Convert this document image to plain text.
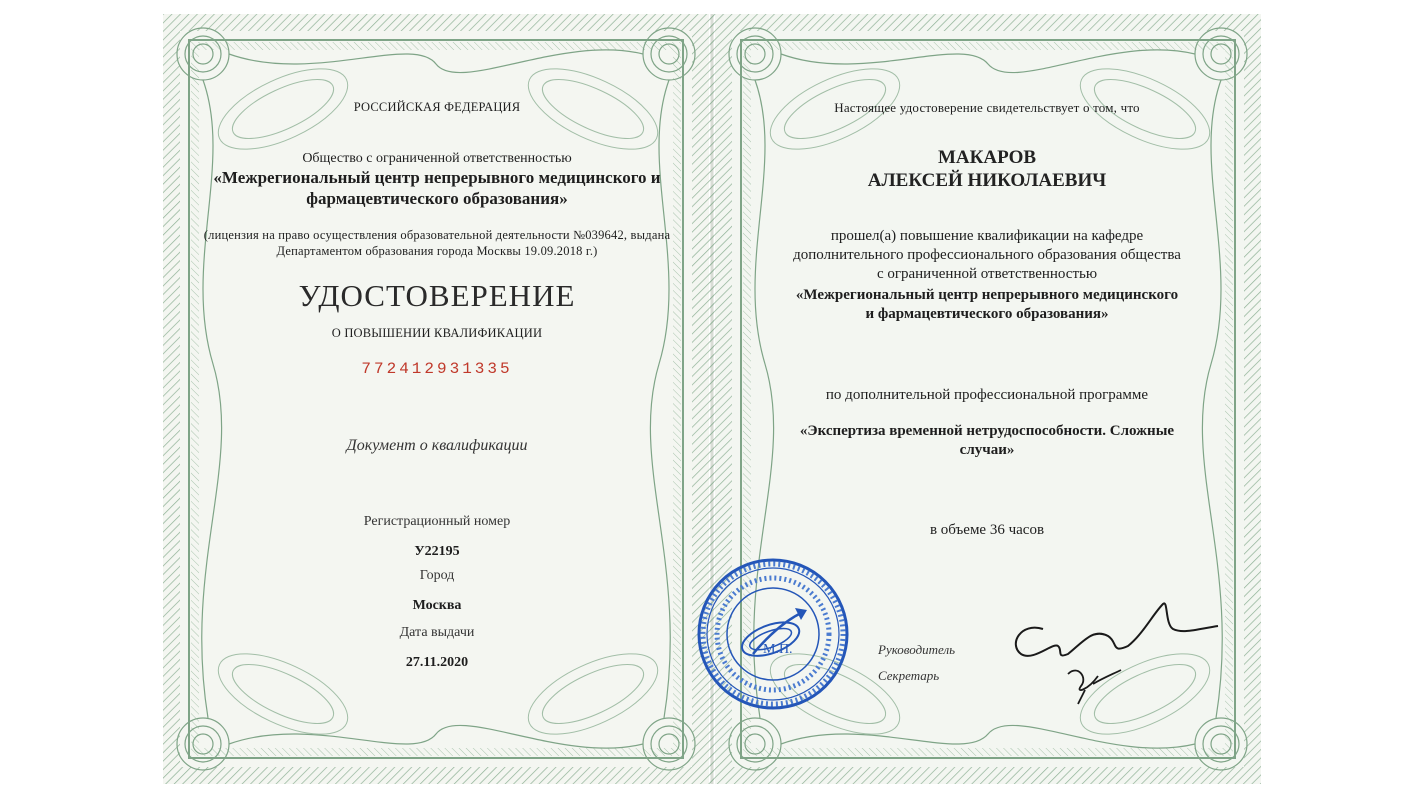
РОССИЙСКАЯ ФЕДЕРАЦИЯ
Общество с ограниченной ответственностью
«Межрегиональный центр непрерывного медицинского и
фармацевтического образования»
(лицензия на право осуществления образовательной деятельности №039642, выдана
Департаментом образования города Москвы 19.09.2018 г.)
УДОСТОВЕРЕНИЕ
О ПОВЫШЕНИИ КВАЛИФИКАЦИИ
772412931335
Документ о квалификации
Регистрационный номер
У22195
Город
Москва
Дата выдачи
27.11.2020
Настоящее удостоверение свидетельствует о том, что
МАКАРОВ
АЛЕКСЕЙ НИКОЛАЕВИЧ
прошел(а) повышение квалификации на кафедре
дополнительного профессионального образования общества
с ограниченной ответственностью
«Межрегиональный центр непрерывного медицинского
и фармацевтического образования»
по дополнительной профессиональной программе
«Экспертиза временной нетрудоспособности. Сложные
случаи»
в объеме 36 часов
Руководитель
Секретарь
М.П.
